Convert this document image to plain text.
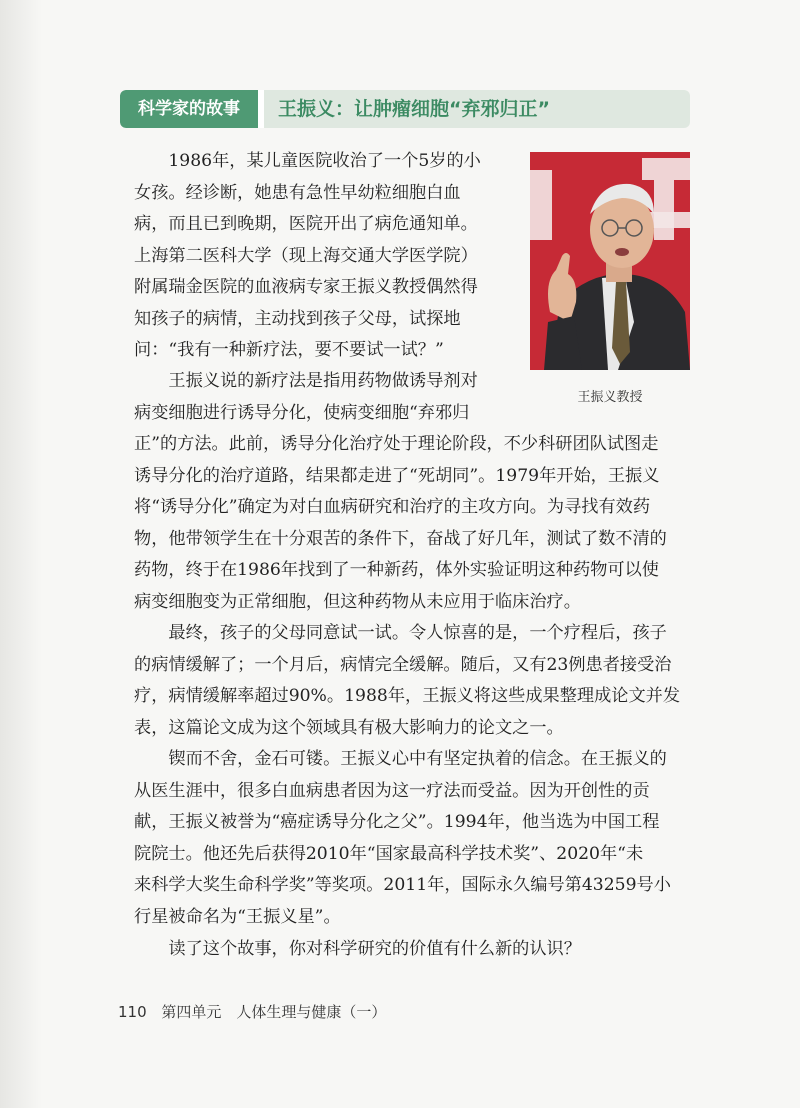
科学家的故事	王振义：让肿瘤细胞“弃邪归正”
王振义教授
　　1986年，某儿童医院收治了一个5岁的小
女孩。经诊断，她患有急性早幼粒细胞白血
病，而且已到晚期，医院开出了病危通知单。
上海第二医科大学（现上海交通大学医学院）
附属瑞金医院的血液病专家王振义教授偶然得
知孩子的病情，主动找到孩子父母，试探地
问：“我有一种新疗法，要不要试一试？”
　　王振义说的新疗法是指用药物做诱导剂对
病变细胞进行诱导分化，使病变细胞“弃邪归
正”的方法。此前，诱导分化治疗处于理论阶段，不少科研团队试图走
诱导分化的治疗道路，结果都走进了“死胡同”。1979年开始，王振义
将“诱导分化”确定为对白血病研究和治疗的主攻方向。为寻找有效药
物，他带领学生在十分艰苦的条件下，奋战了好几年，测试了数不清的
药物，终于在1986年找到了一种新药，体外实验证明这种药物可以使
病变细胞变为正常细胞，但这种药物从未应用于临床治疗。
　　最终，孩子的父母同意试一试。令人惊喜的是，一个疗程后，孩子
的病情缓解了；一个月后，病情完全缓解。随后，又有23例患者接受治
疗，病情缓解率超过90%。1988年，王振义将这些成果整理成论文并发
表，这篇论文成为这个领域具有极大影响力的论文之一。
　　锲而不舍，金石可镂。王振义心中有坚定执着的信念。在王振义的
从医生涯中，很多白血病患者因为这一疗法而受益。因为开创性的贡
献，王振义被誉为“癌症诱导分化之父”。1994年，他当选为中国工程
院院士。他还先后获得2010年“国家最高科学技术奖”、2020年“未
来科学大奖生命科学奖”等奖项。2011年，国际永久编号第43259号小
行星被命名为“王振义星”。
　　读了这个故事，你对科学研究的价值有什么新的认识？
110 第四单元　人体生理与健康（一）
